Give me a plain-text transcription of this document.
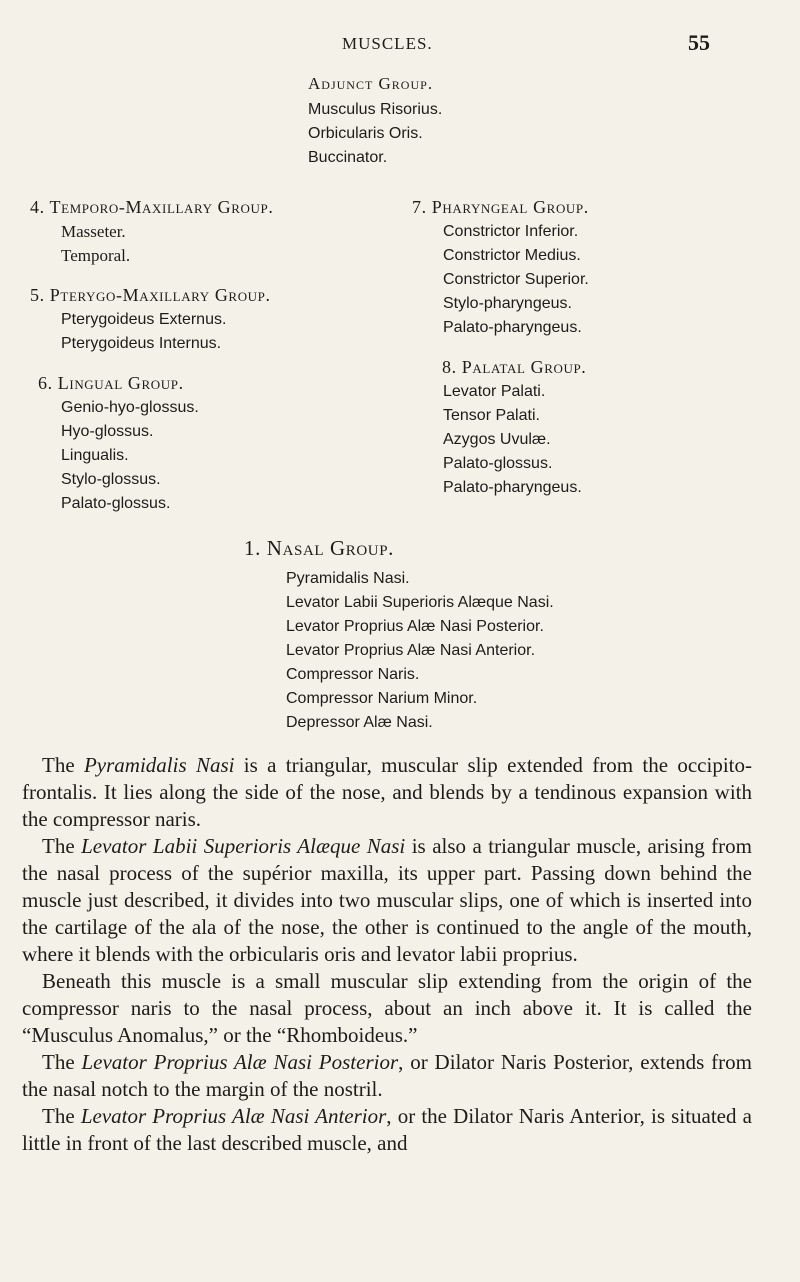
MUSCLES.	55
Adjunct Group.
Musculus Risorius.
Orbicularis Oris.
Buccinator.
4. Temporo-Maxillary Group.
Masseter.
Temporal.
5. Pterygo-Maxillary Group.
Pterygoideus Externus.
Pterygoideus Internus.
6. Lingual Group.
Genio-hyo-glossus.
Hyo-glossus.
Lingualis.
Stylo-glossus.
Palato-glossus.
7. Pharyngeal Group.
Constrictor Inferior.
Constrictor Medius.
Constrictor Superior.
Stylo-pharyngeus.
Palato-pharyngeus.
8. Palatal Group.
Levator Palati.
Tensor Palati.
Azygos Uvulæ.
Palato-glossus.
Palato-pharyngeus.
1. Nasal Group.
Pyramidalis Nasi.
Levator Labii Superioris Alæque Nasi.
Levator Proprius Alæ Nasi Posterior.
Levator Proprius Alæ Nasi Anterior.
Compressor Naris.
Compressor Narium Minor.
Depressor Alæ Nasi.

The Pyramidalis Nasi is a triangular, muscular slip extended from the occipito-frontalis. It lies along the side of the nose, and blends by a tendinous expansion with the compressor naris.

The Levator Labii Superioris Alæque Nasi is also a triangular muscle, arising from the nasal process of the supérior maxilla, its upper part. Passing down behind the muscle just described, it divides into two muscular slips, one of which is inserted into the cartilage of the ala of the nose, the other is continued to the angle of the mouth, where it blends with the orbicularis oris and levator labii proprius.

Beneath this muscle is a small muscular slip extending from the origin of the compressor naris to the nasal process, about an inch above it. It is called the “Musculus Anomalus,” or the “Rhomboideus.”

The Levator Proprius Alæ Nasi Posterior, or Dilator Naris Posterior, extends from the nasal notch to the margin of the nostril.

The Levator Proprius Alæ Nasi Anterior, or the Dilator Naris Anterior, is situated a little in front of the last described muscle, and
